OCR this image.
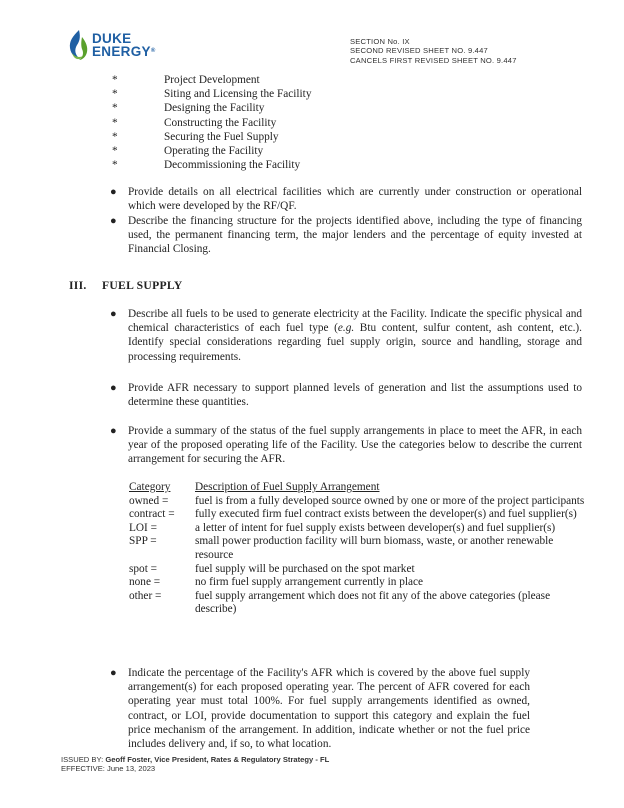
DUKE
ENERGY®
SECTION No. IX
SECOND REVISED SHEET NO. 9.447
CANCELS FIRST REVISED SHEET NO. 9.447
*	Project Development
*	Siting and Licensing the Facility
*	Designing the Facility
*	Constructing the Facility
*	Securing the Fuel Supply
*	Operating the Facility
*	Decommissioning the Facility
●	Provide details on all electrical facilities which are currently under construction or operational which were developed by the RF/QF.
●	Describe the financing structure for the projects identified above, including the type of financing used, the permanent financing term, the major lenders and the percentage of equity invested at Financial Closing.
III. FUEL SUPPLY
●	Describe all fuels to be used to generate electricity at the Facility. Indicate the specific physical and chemical characteristics of each fuel type (e.g. Btu content, sulfur content, ash content, etc.). Identify special considerations regarding fuel supply origin, source and handling, storage and processing requirements.
●	Provide AFR necessary to support planned levels of generation and list the assumptions used to determine these quantities.
●	Provide a summary of the status of the fuel supply arrangements in place to meet the AFR, in each year of the proposed operating life of the Facility. Use the categories below to describe the current arrangement for securing the AFR.
Category	Description of Fuel Supply Arrangement
owned =	fuel is from a fully developed source owned by one or more of the project participants
contract =	fully executed firm fuel contract exists between the developer(s) and fuel supplier(s)
LOI =	a letter of intent for fuel supply exists between developer(s) and fuel supplier(s)
SPP =	small power production facility will burn biomass, waste, or another renewable resource
spot =	fuel supply will be purchased on the spot market
none =	no firm fuel supply arrangement currently in place
other =	fuel supply arrangement which does not fit any of the above categories (please describe)
●	Indicate the percentage of the Facility's AFR which is covered by the above fuel supply arrangement(s) for each proposed operating year. The percent of AFR covered for each operating year must total 100%. For fuel supply arrangements identified as owned, contract, or LOI, provide documentation to support this category and explain the fuel price mechanism of the arrangement. In addition, indicate whether or not the fuel price includes delivery and, if so, to what location.
ISSUED BY: Geoff Foster, Vice President, Rates & Regulatory Strategy - FL
EFFECTIVE: June 13, 2023
